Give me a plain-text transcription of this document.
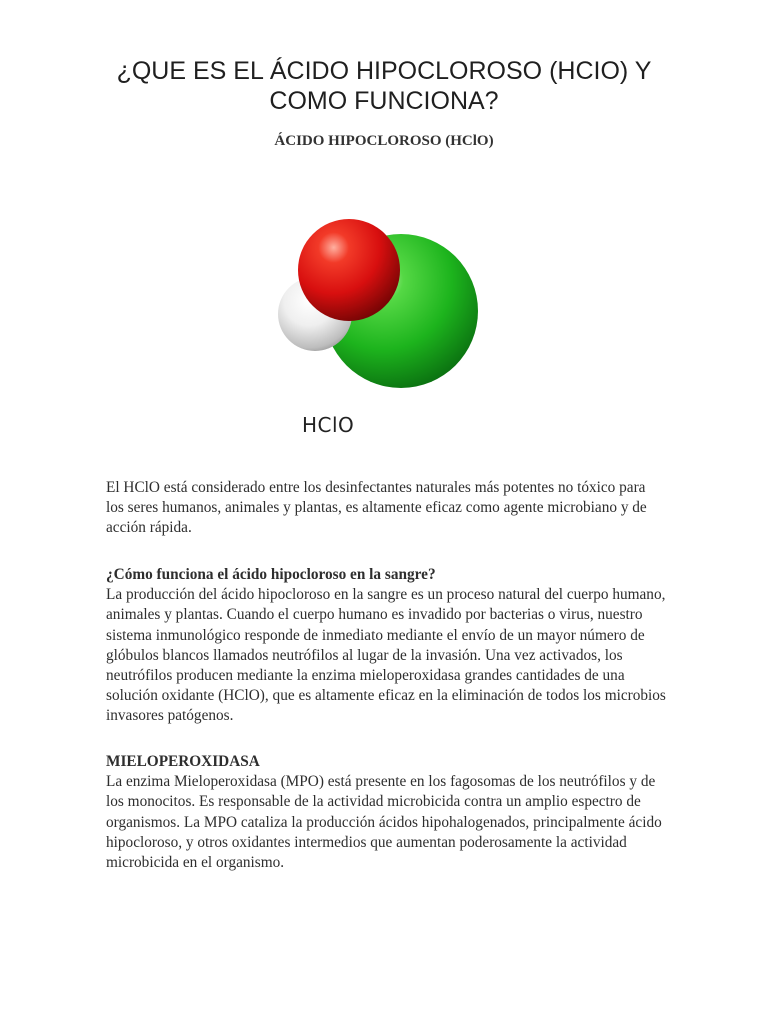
¿QUE ES EL ÁCIDO HIPOCLOROSO (HCIO) Y
COMO FUNCIONA?
ÁCIDO HIPOCLOROSO (HClO)

HClO

El HClO está considerado entre los desinfectantes naturales más potentes no tóxico para los seres humanos, animales y plantas, es altamente eficaz como agente microbiano y de acción rápida.

¿Cómo funciona el ácido hipocloroso en la sangre?
La producción del ácido hipocloroso en la sangre es un proceso natural del cuerpo humano, animales y plantas. Cuando el cuerpo humano es invadido por bacterias o virus, nuestro sistema inmunológico responde de inmediato mediante el envío de un mayor número de glóbulos blancos llamados neutrófilos al lugar de la invasión. Una vez activados, los neutrófilos producen mediante la enzima mieloperoxidasa grandes cantidades de una solución oxidante (HClO), que es altamente eficaz en la eliminación de todos los microbios invasores patógenos.
MIELOPEROXIDASA
La enzima Mieloperoxidasa (MPO) está presente en los fagosomas de los neutrófilos y de los monocitos. Es responsable de la actividad microbicida contra un amplio espectro de organismos. La MPO cataliza la producción ácidos hipohalogenados, principalmente ácido hipocloroso, y otros oxidantes intermedios que aumentan poderosamente la actividad microbicida en el organismo.
